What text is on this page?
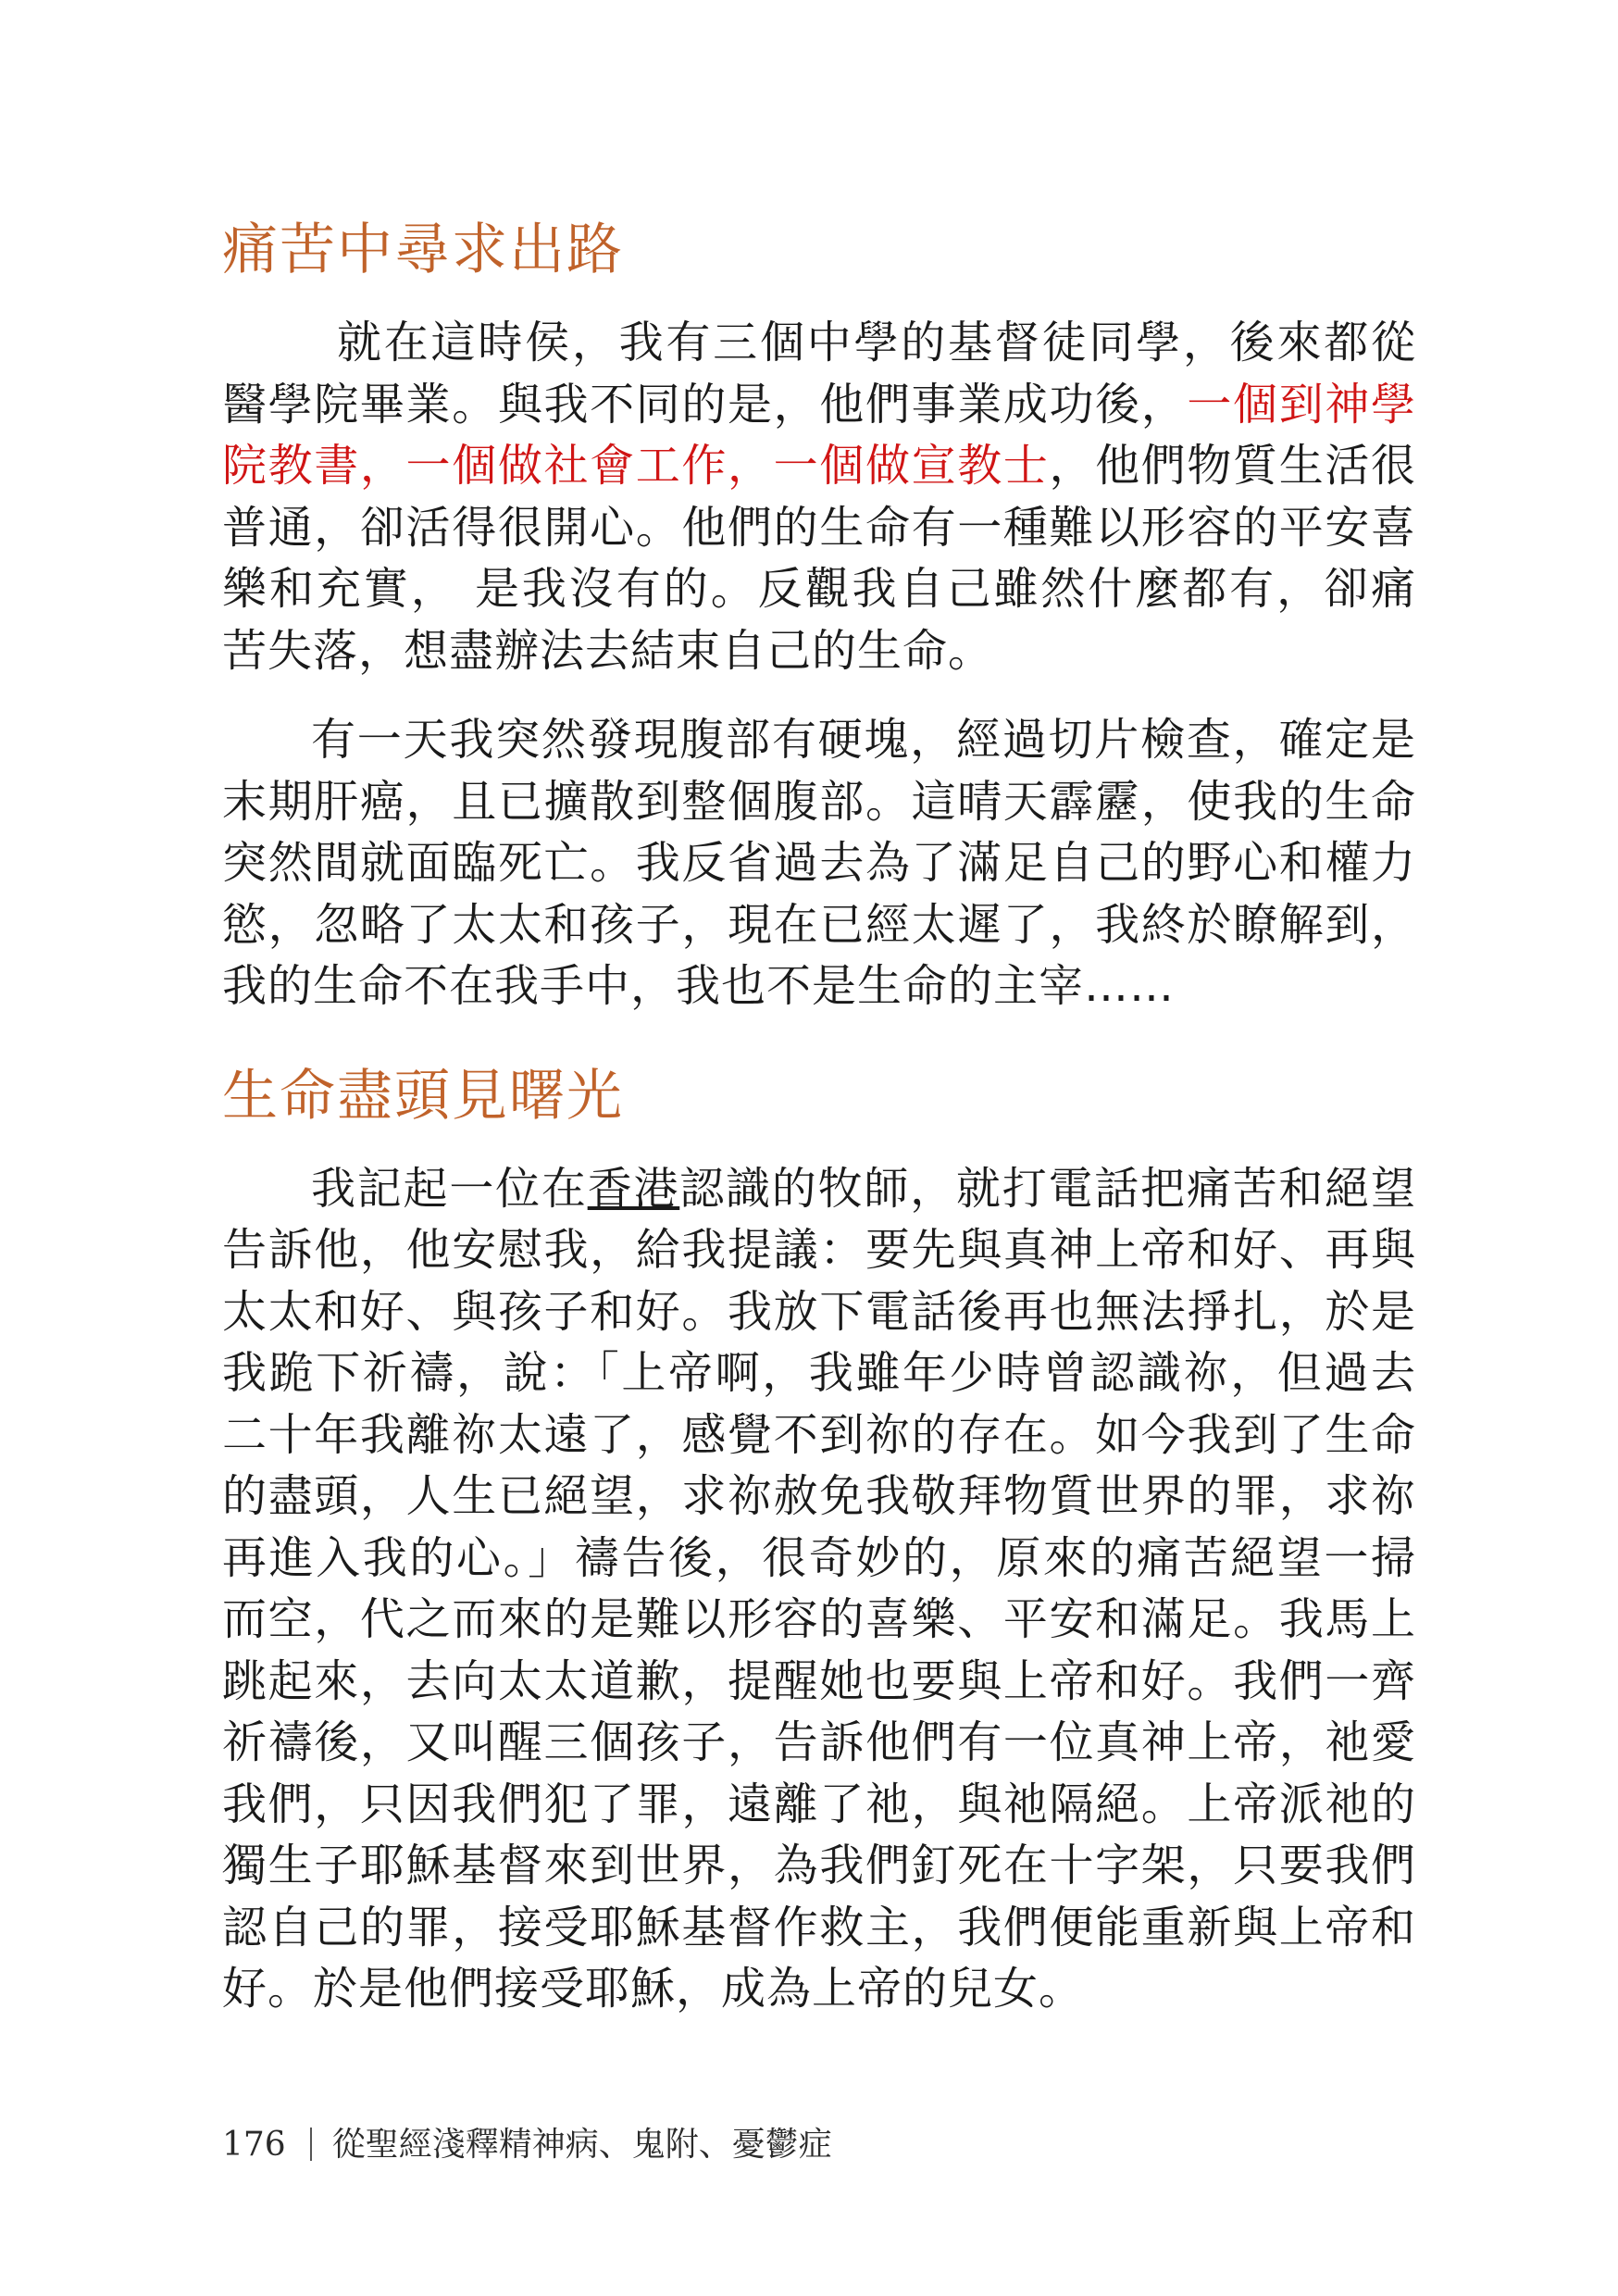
痛苦中尋求出路

就在這時侯，我有三個中學的基督徒同學，後來都從醫學院畢業。與我不同的是，他們事業成功後，一個到神學院教書，一個做社會工作，一個做宣教士，他們物質生活很普通，卻活得很開心。他們的生命有一種難以形容的平安喜樂和充實， 是我沒有的。反觀我自己雖然什麼都有，卻痛苦失落，想盡辦法去結束自己的生命。

有一天我突然發現腹部有硬塊，經過切片檢查，確定是末期肝癌，且已擴散到整個腹部。這晴天霹靂，使我的生命突然間就面臨死亡。我反省過去為了滿足自己的野心和權力慾，忽略了太太和孩子，現在已經太遲了，我終於瞭解到，我的生命不在我手中，我也不是生命的主宰……

生命盡頭見曙光

我記起一位在香港認識的牧師，就打電話把痛苦和絕望告訴他，他安慰我，給我提議：要先與真神上帝和好、再與太太和好、與孩子和好。我放下電話後再也無法掙扎，於是我跪下祈禱，說：「上帝啊，我雖年少時曾認識祢，但過去二十年我離祢太遠了，感覺不到祢的存在。如今我到了生命的盡頭，人生已絕望，求祢赦免我敬拜物質世界的罪，求祢再進入我的心。」禱告後，很奇妙的，原來的痛苦絕望一掃而空，代之而來的是難以形容的喜樂、平安和滿足。我馬上跳起來，去向太太道歉，提醒她也要與上帝和好。我們一齊祈禱後，又叫醒三個孩子，告訴他們有一位真神上帝，祂愛我們，只因我們犯了罪，遠離了祂，與祂隔絕。上帝派祂的獨生子耶穌基督來到世界，為我們釘死在十字架，只要我們認自己的罪，接受耶穌基督作救主，我們便能重新與上帝和好。於是他們接受耶穌，成為上帝的兒女。

176 從聖經淺釋精神病、鬼附、憂鬱症
